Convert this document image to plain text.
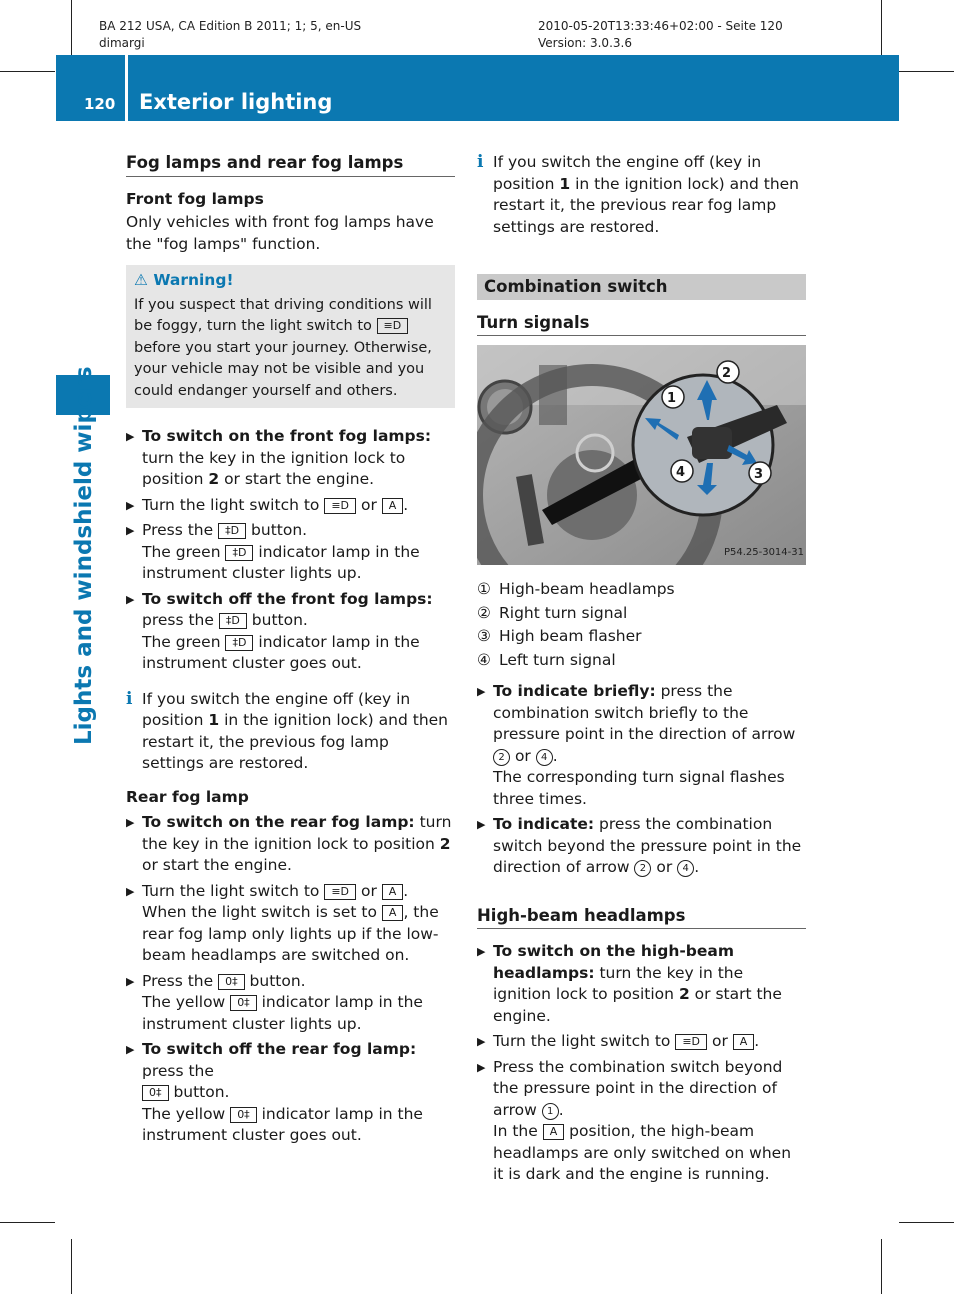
BA 212 USA, CA Edition B 2011; 1; 5, en-US
dimargi
2010-05-20T13:33:46+02:00 - Seite 120
Version: 3.0.3.6
120 Exterior lighting
Lights and windshield wipers
Fog lamps and rear fog lamps
Front fog lamps
Only vehicles with front fog lamps have the "fog lamps" function.
⚠ Warning!
If you suspect that driving conditions will be foggy, turn the light switch to ≡D before you start your journey. Otherwise, your vehicle may not be visible and you could endanger yourself and others.
▶ To switch on the front fog lamps: turn the key in the ignition lock to position 2 or start the engine.
▶ Turn the light switch to ≡D or A .
▶ Press the ‡D button.
The green ‡D indicator lamp in the instrument cluster lights up.
▶ To switch off the front fog lamps: press the ‡D button.
The green ‡D indicator lamp in the instrument cluster goes out.
i If you switch the engine off (key in position 1 in the ignition lock) and then restart it, the previous fog lamp settings are restored.
Rear fog lamp
▶ To switch on the rear fog lamp: turn the key in the ignition lock to position 2 or start the engine.
▶ Turn the light switch to ≡D or A .
When the light switch is set to A , the rear fog lamp only lights up if the low-beam headlamps are switched on.
▶ Press the 0‡ button.
The yellow 0‡ indicator lamp in the instrument cluster lights up.
▶ To switch off the rear fog lamp: press the
0‡ button.
The yellow 0‡ indicator lamp in the instrument cluster goes out.
i If you switch the engine off (key in position 1 in the ignition lock) and then restart it, the previous rear fog lamp settings are restored.
Combination switch
Turn signals
1
2
3
4
P54.25-3014-31
① High-beam headlamps
② Right turn signal
③ High beam flasher
④ Left turn signal
▶ To indicate briefly: press the combination switch briefly to the pressure point in the direction of arrow 2 or 4 .
The corresponding turn signal flashes three times.
▶ To indicate: press the combination switch beyond the pressure point in the direction of arrow 2 or 4 .
High-beam headlamps
▶ To switch on the high-beam headlamps: turn the key in the ignition lock to position 2 or start the engine.
▶ Turn the light switch to ≡D or A .
▶ Press the combination switch beyond the pressure point in the direction of arrow 1 .
In the A position, the high-beam headlamps are only switched on when it is dark and the engine is running.
